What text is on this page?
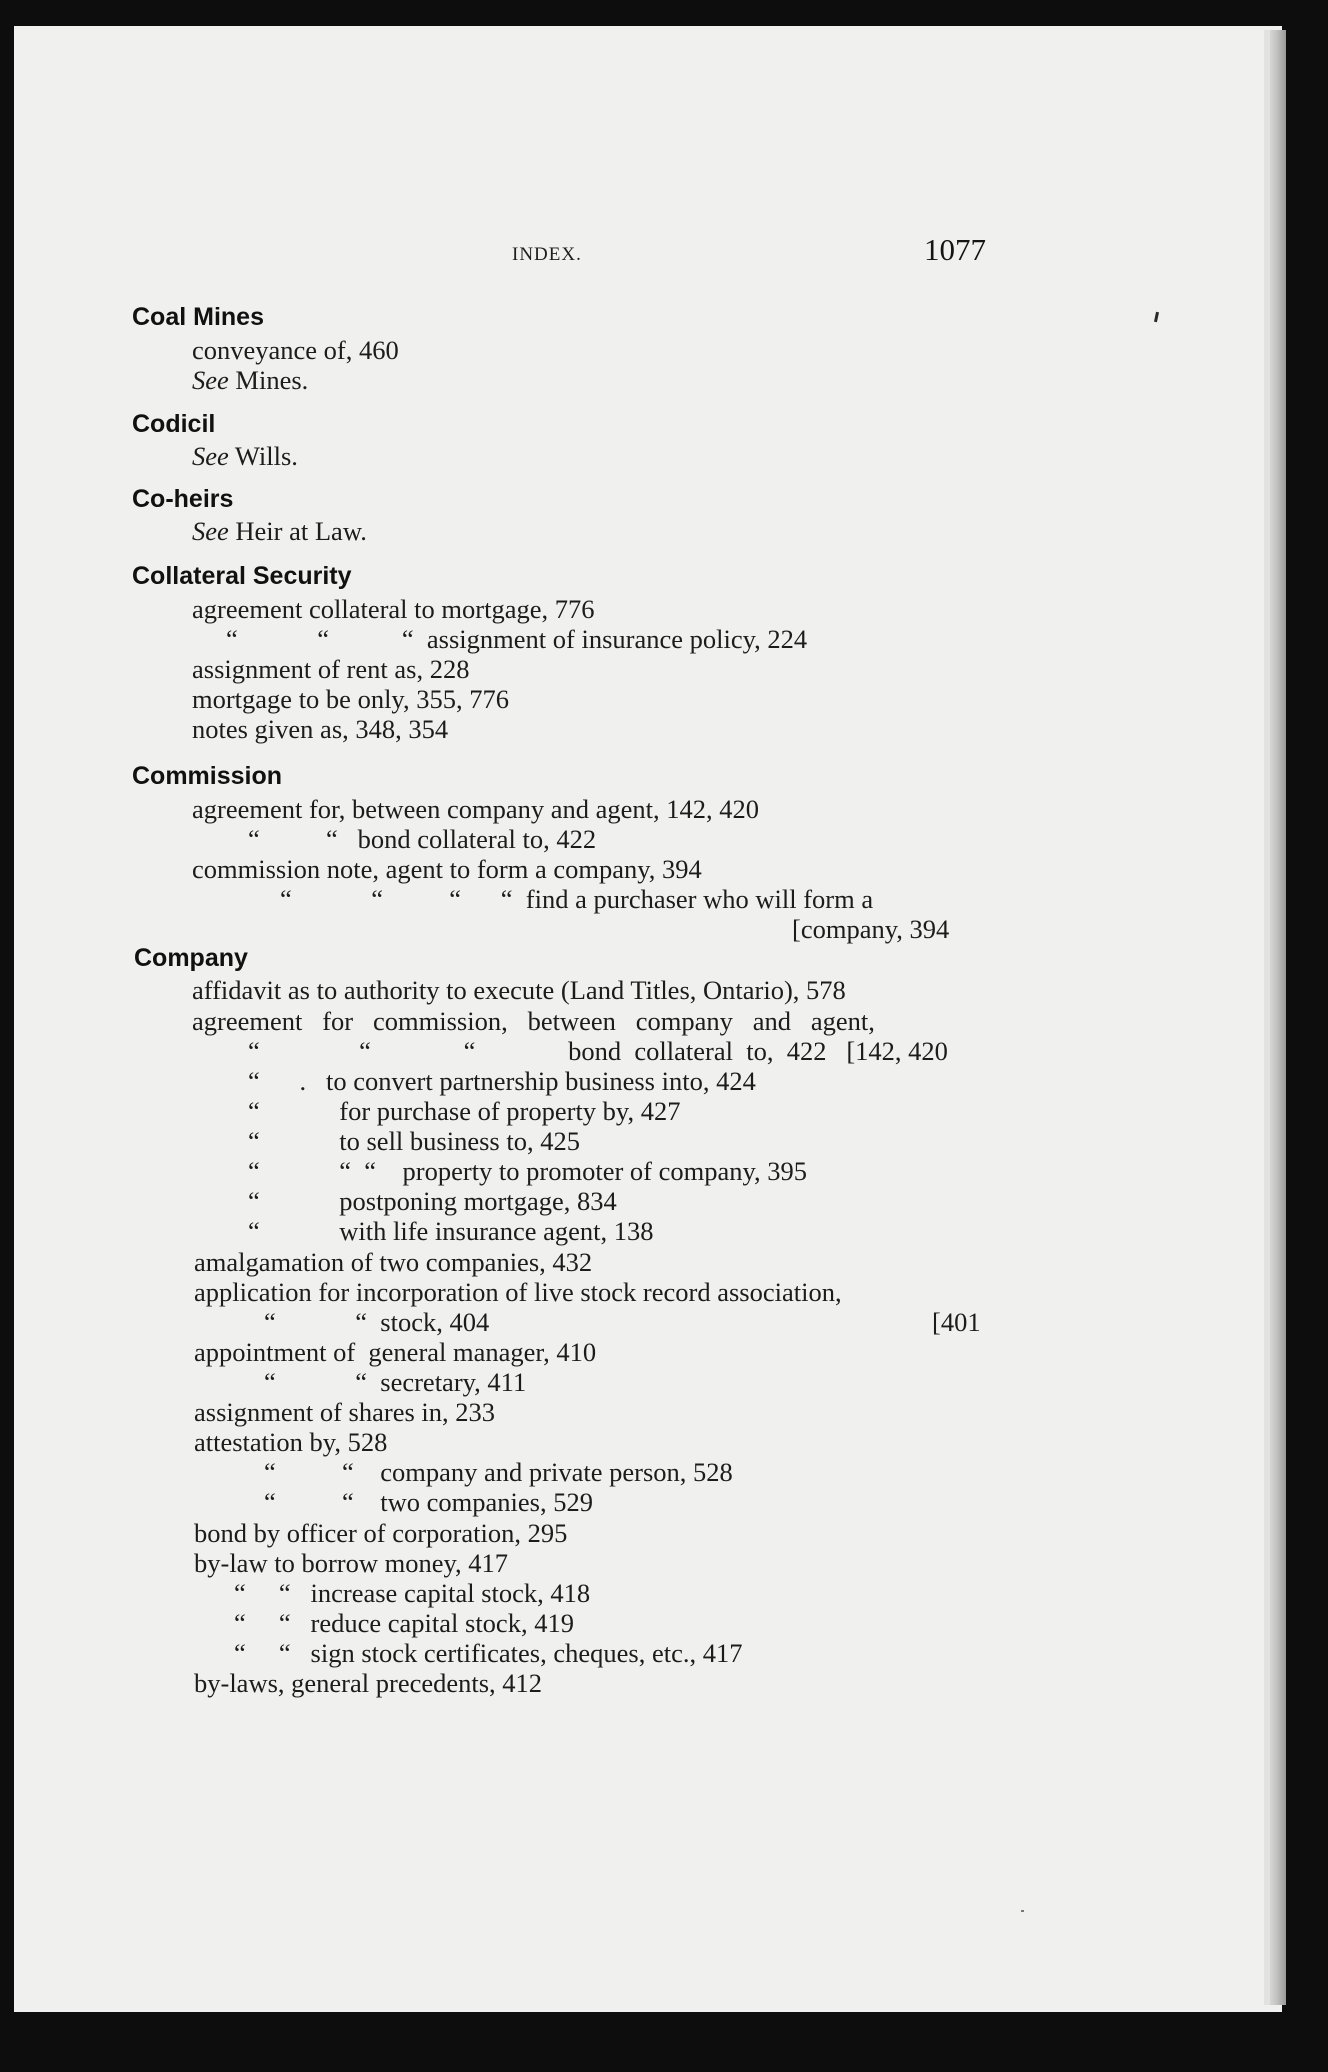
INDEX.	1077
Coal Mines
conveyance of, 460
See Mines.
Codicil
See Wills.
Co-heirs
See Heir at Law.
Collateral Security
agreement collateral to mortgage, 776
“            “           “  assignment of insurance policy, 224
assignment of rent as, 228
mortgage to be only, 355, 776
notes given as, 348, 354
Commission
agreement for, between company and agent, 142, 420
“          “   bond collateral to, 422
commission note, agent to form a company, 394
“            “          “      “  find a purchaser who will form a
[company, 394
Company
affidavit as to authority to execute (Land Titles, Ontario), 578
agreement   for   commission,   between   company   and   agent,
“               “              “              bond  collateral  to,  422   [142, 420
“      .   to convert partnership business into, 424
“            for purchase of property by, 427
“            to sell business to, 425
“            “  “    property to promoter of company, 395
“            postponing mortgage, 834
“            with life insurance agent, 138
amalgamation of two companies, 432
application for incorporation of live stock record association,
“            “  stock, 404	[401
appointment of  general manager, 410
“            “  secretary, 411
assignment of shares in, 233
attestation by, 528
“          “    company and private person, 528
“          “    two companies, 529
bond by officer of corporation, 295
by-law to borrow money, 417
“     “   increase capital stock, 418
“     “   reduce capital stock, 419
“     “   sign stock certificates, cheques, etc., 417
by-laws, general precedents, 412
